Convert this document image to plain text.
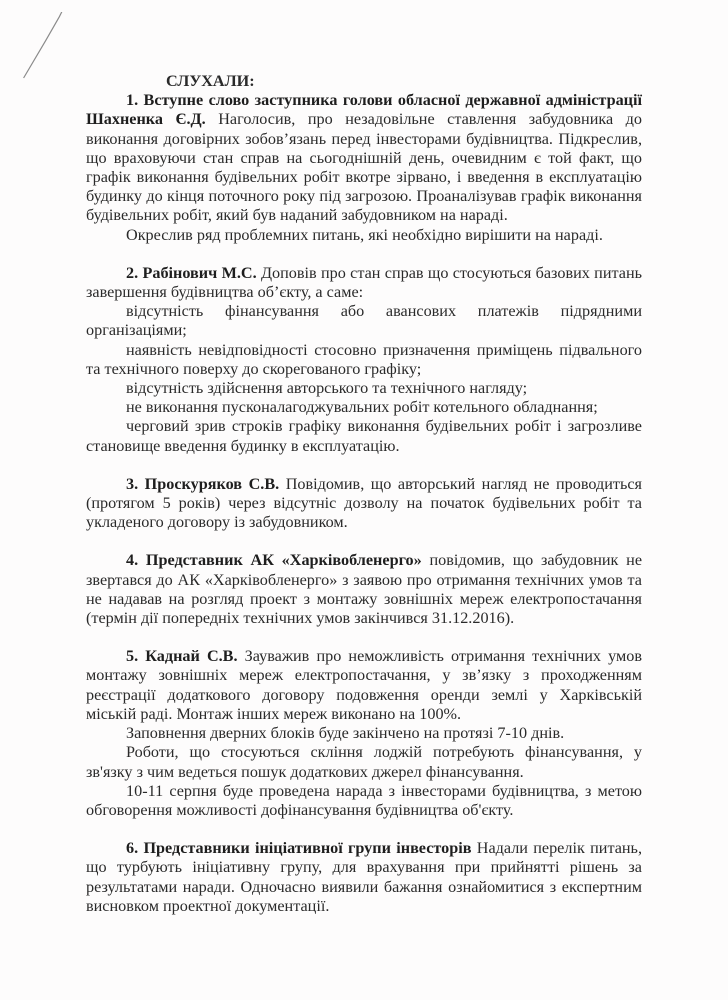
СЛУХАЛИ:

1. Вступне слово заступника голови обласної державної адміністрації Шахненка Є.Д. Наголосив, про незадовільне ставлення забудовника до виконання договірних зобов’язань перед інвесторами будівництва. Підкреслив, що враховуючи стан справ на сьогоднішній день, очевидним є той факт, що графік виконання будівельних робіт вкотре зірвано, і введення в експлуатацію будинку до кінця поточного року під загрозою. Проаналізував графік виконання будівельних робіт, який був наданий забудовником на нараді.

Окреслив ряд проблемних питань, які необхідно вирішити на нараді.

2. Рабінович М.С. Доповів про стан справ що стосуються базових питань завершення будівництва об’єкту, а саме:

відсутність фінансування або авансових платежів підрядними організаціями;

наявність невідповідності стосовно призначення приміщень підвального та технічного поверху до скорегованого графіку;

відсутність здійснення авторського та технічного нагляду;

не виконання пусконалагоджувальних робіт котельного обладнання;

черговий зрив строків графіку виконання будівельних робіт і загрозливе становище введення будинку в експлуатацію.

3. Проскуряков С.В. Повідомив, що авторський нагляд не проводиться (протягом 5 років) через відсутніс дозволу на початок будівельних робіт та укладеного договору із забудовником.

4. Представник АК «Харківобленерго» повідомив, що забудовник не звертався до АК «Харківобленерго» з заявою про отримання технічних умов та не надавав на розгляд проект з монтажу зовнішніх мереж електропостачання (термін дії попередніх технічних умов закінчився 31.12.2016).

5. Каднай С.В. Зауважив про неможливість отримання технічних умов монтажу зовнішніх мереж електропостачання, у зв’язку з проходженням реєстрації додаткового договору подовження оренди землі у Харківській міській раді. Монтаж інших мереж виконано на 100%.

Заповнення дверних блоків буде закінчено на протязі 7-10 днів.

Роботи, що стосуються скління лоджій потребують фінансування, у зв'язку з чим ведеться пошук додаткових джерел фінансування.

10-11 серпня буде проведена нарада з інвесторами будівництва, з метою обговорення можливості дофінансування будівництва об'єкту.

6. Представники ініціативної групи інвесторів Надали перелік питань, що турбують ініціативну групу, для врахування при прийнятті рішень за результатами наради. Одночасно виявили бажання ознайомитися з експертним висновком проектної документації.
